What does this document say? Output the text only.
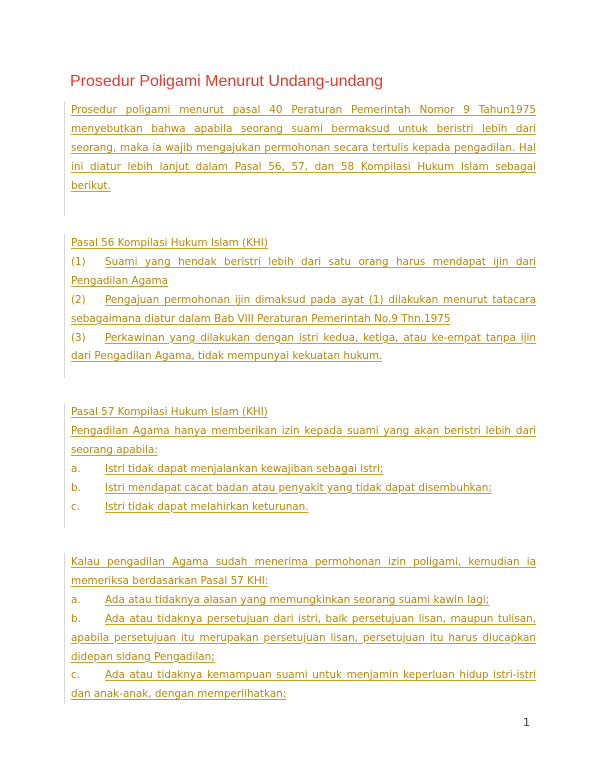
Prosedur Poligami Menurut Undang-undang
Prosedur poligami menurut pasal 40 Peraturan Pemerintah Nomor 9 Tahun1975
menyebutkan bahwa apabila seorang suami bermaksud untuk beristri lebih dari
seorang, maka ia wajib mengajukan permohonan secara tertulis kepada pengadilan. Hal
ini diatur lebih lanjut dalam Pasal 56, 57, dan 58 Kompilasi Hukum Islam sebagai
berikut.
Pasal 56 Kompilasi Hukum Islam (KHI)
(1) Suami yang hendak beristri lebih dari satu orang harus mendapat ijin dari
Pengadilan Agama
(2) Pengajuan permohonan ijin dimaksud pada ayat (1) dilakukan menurut tatacara
sebagaimana diatur dalam Bab VIII Peraturan Pemerintah No.9 Thn.1975
(3) Perkawinan yang dilakukan dengan istri kedua, ketiga, atau ke-empat tanpa ijin
dari Pengadilan Agama, tidak mempunyai kekuatan hukum.
Pasal 57 Kompilasi Hukum Islam (KHI)
Pengadilan Agama hanya memberikan izin kepada suami yang akan beristri lebih dari
seorang apabila:
a. Istri tidak dapat menjalankan kewajiban sebagai istri;
b. Istri mendapat cacat badan atau penyakit yang tidak dapat disembuhkan;
c. Istri tidak dapat melahirkan keturunan.
Kalau pengadilan Agama sudah menerima permohonan izin poligami, kemudian ia
memeriksa berdasarkan Pasal 57 KHI:
a. Ada atau tidaknya alasan yang memungkinkan seorang suami kawin lagi;
b. Ada atau tidaknya persetujuan dari istri, baik persetujuan lisan, maupun tulisan,
apabila persetujuan itu merupakan persetujuan lisan, persetujuan itu harus diucapkan
didepan sidang Pengadilan;
c. Ada atau tidaknya kemampuan suami untuk menjamin keperluan hidup istri-istri
dan anak-anak, dengan memperlihatkan:
1
